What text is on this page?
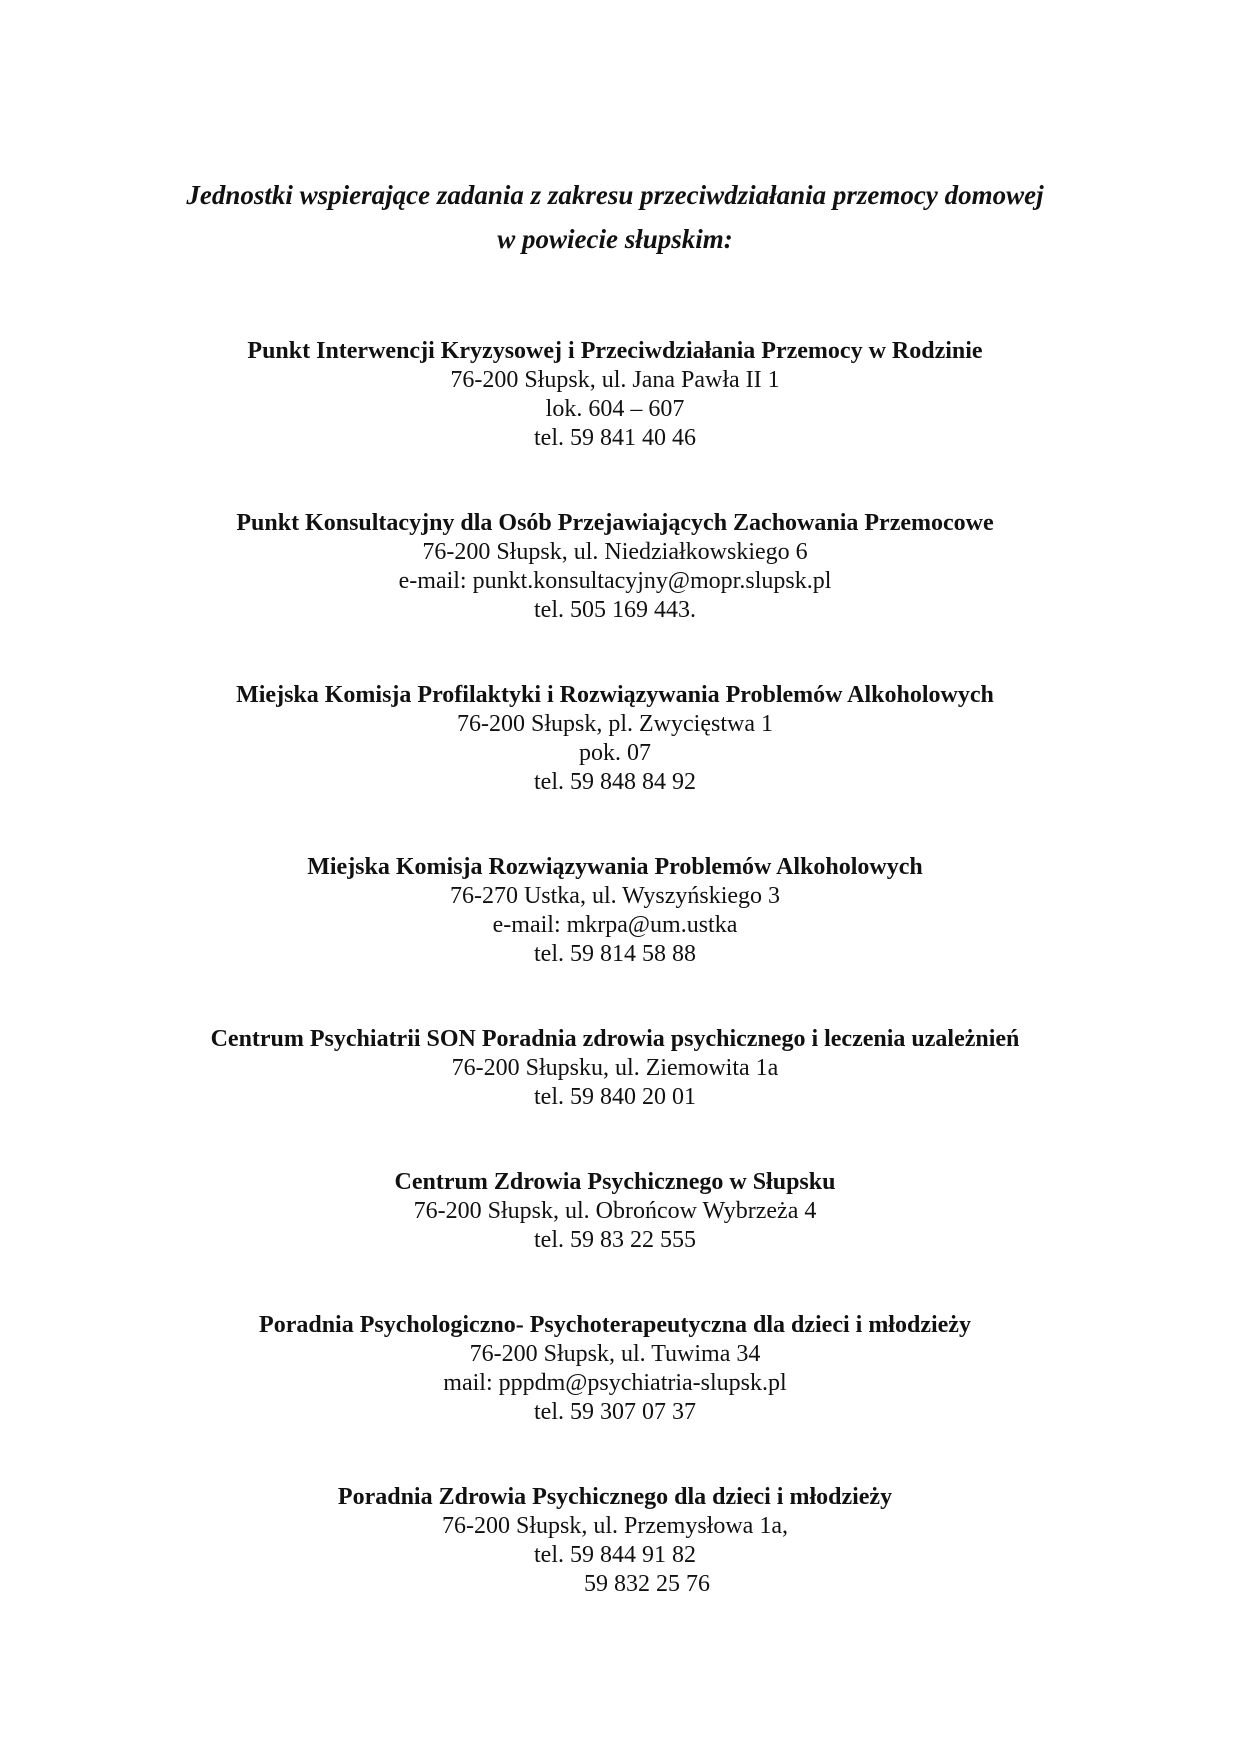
Jednostki wspierające zadania z zakresu przeciwdziałania przemocy domowej
w powiecie słupskim:
Punkt Interwencji Kryzysowej i Przeciwdziałania Przemocy w Rodzinie
76-200 Słupsk, ul. Jana Pawła II 1
lok. 604 – 607
tel. 59 841 40 46
Punkt Konsultacyjny dla Osób Przejawiających Zachowania Przemocowe
76-200 Słupsk, ul. Niedziałkowskiego 6
e-mail: punkt.konsultacyjny@mopr.slupsk.pl
tel. 505 169 443.
Miejska Komisja Profilaktyki i Rozwiązywania Problemów Alkoholowych
76-200 Słupsk, pl. Zwycięstwa 1
pok. 07
tel. 59 848 84 92
Miejska Komisja Rozwiązywania Problemów Alkoholowych
76-270 Ustka, ul. Wyszyńskiego 3
e-mail: mkrpa@um.ustka
tel. 59 814 58 88
Centrum Psychiatrii SON Poradnia zdrowia psychicznego i leczenia uzależnień
76-200 Słupsku, ul. Ziemowita 1a
tel. 59 840 20 01
Centrum Zdrowia Psychicznego w Słupsku
76-200 Słupsk, ul. Obrońcow Wybrzeża 4
tel. 59 83 22 555
Poradnia Psychologiczno- Psychoterapeutyczna dla dzieci i młodzieży
76-200 Słupsk, ul. Tuwima 34
mail: pppdm@psychiatria-slupsk.pl
tel. 59 307 07 37
Poradnia Zdrowia Psychicznego dla dzieci i młodzieży
76-200 Słupsk, ul. Przemysłowa 1a,
tel. 59 844 91 82
59 832 25 76
